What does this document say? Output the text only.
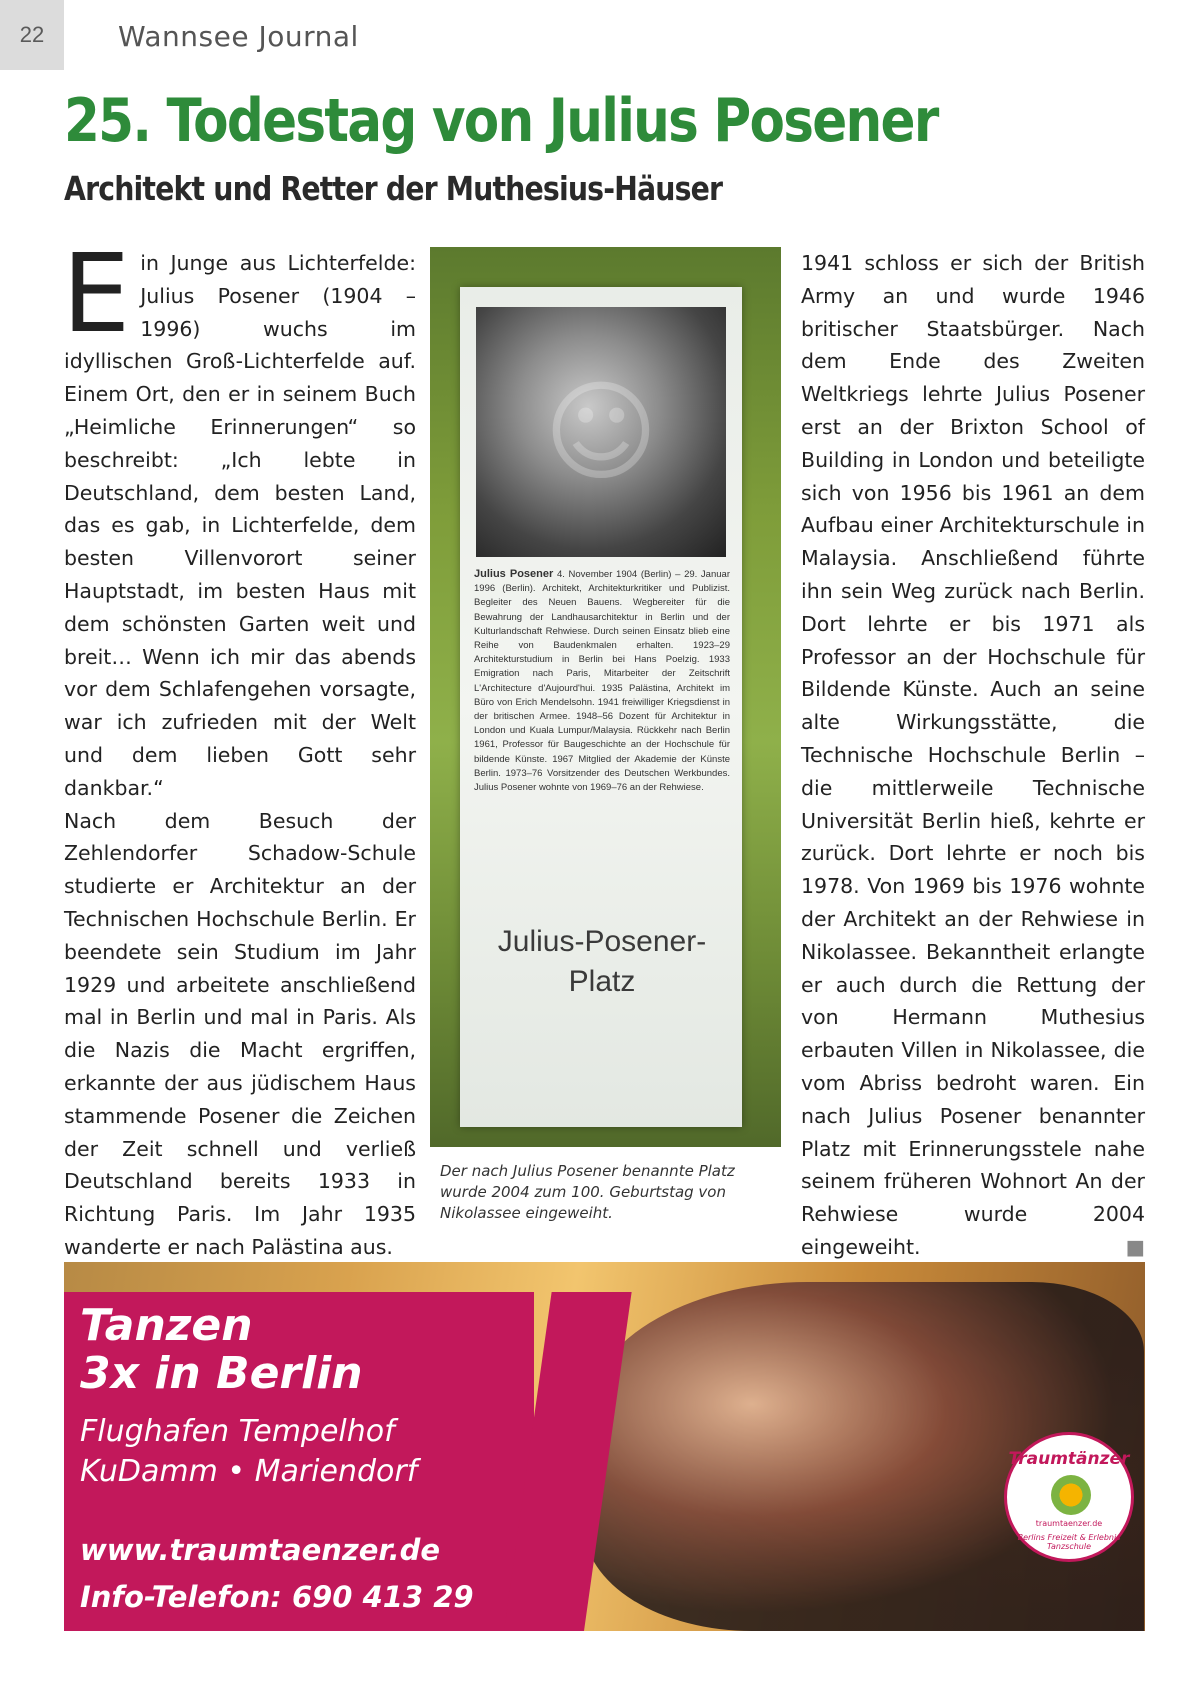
22	Wannsee Journal
25. Todestag von Julius Posener
Architekt und Retter der Muthesius-Häuser
E in Junge aus Lichterfelde: Julius Posener (1904 – 1996) wuchs im idyllischen Groß-Lichterfelde auf. Einem Ort, den er in seinem Buch „Heimliche Erinnerungen“ so beschreibt: „Ich lebte in Deutschland, dem besten Land, das es gab, in Lichterfelde, dem besten Villenvorort seiner Hauptstadt, im besten Haus mit dem schönsten Garten weit und breit… Wenn ich mir das abends vor dem Schlafengehen vorsagte, war ich zufrieden mit der Welt und dem lieben Gott sehr dankbar.“

Nach dem Besuch der Zehlendorfer Schadow-Schule studierte er Architektur an der Technischen Hochschule Berlin. Er beendete sein Studium im Jahr 1929 und arbeitete anschließend mal in Berlin und mal in Paris. Als die Nazis die Macht ergriffen, erkannte der aus jüdischem Haus stammende Posener die Zeichen der Zeit schnell und verließ Deutschland bereits 1933 in Richtung Paris. Im Jahr 1935 wanderte er nach Palästina aus.

☺
Julius Posener 4. November 1904 (Berlin) – 29. Januar 1996 (Berlin). Architekt, Architekturkritiker und Publizist. Begleiter des Neuen Bauens. Wegbereiter für die Bewahrung der Landhausarchitektur in Berlin und der Kulturlandschaft Rehwiese. Durch seinen Einsatz blieb eine Reihe von Baudenkmalen erhalten. 1923–29 Architekturstudium in Berlin bei Hans Poelzig. 1933 Emigration nach Paris, Mitarbeiter der Zeitschrift L'Architecture d'Aujourd'hui. 1935 Palästina, Architekt im Büro von Erich Mendelsohn. 1941 freiwilliger Kriegsdienst in der britischen Armee. 1948–56 Dozent für Architektur in London und Kuala Lumpur/Malaysia. Rückkehr nach Berlin 1961, Professor für Baugeschichte an der Hochschule für bildende Künste. 1967 Mitglied der Akademie der Künste Berlin. 1973–76 Vorsitzender des Deutschen Werkbundes. Julius Posener wohnte von 1969–76 an der Rehwiese.
Julius-Posener-
Platz
Der nach Julius Posener benannte Platz wurde 2004 zum 100. Geburtstag von Nikolassee eingeweiht.

1941 schloss er sich der British Army an und wurde 1946 britischer Staatsbürger. Nach dem Ende des Zweiten Weltkriegs lehrte Julius Posener erst an der Brixton School of Building in London und beteiligte sich von 1956 bis 1961 an dem Aufbau einer Architekturschule in Malaysia. Anschließend führte ihn sein Weg zurück nach Berlin. Dort lehrte er bis 1971 als Professor an der Hochschule für Bildende Künste. Auch an seine alte Wirkungsstätte, die Technische Hochschule Berlin – die mittlerweile Technische Universität Berlin hieß, kehrte er zurück. Dort lehrte er noch bis 1978. Von 1969 bis 1976 wohnte der Architekt an der Rehwiese in Nikolassee. Bekanntheit erlangte er auch durch die Rettung der von Hermann Muthesius erbauten Villen in Nikolassee, die vom Abriss bedroht waren. Ein nach Julius Posener benannter Platz mit Erinnerungsstele nahe seinem früheren Wohnort An der Rehwiese wurde 2004 eingeweiht.	■

Tanzen
3x in Berlin
Flughafen Tempelhof
KuDamm • Mariendorf
www.traumtaenzer.de
Info-Telefon: 690 413 29
Traumtänzer
traumtaenzer.de
Berlins Freizeit & Erlebnis Tanzschule
